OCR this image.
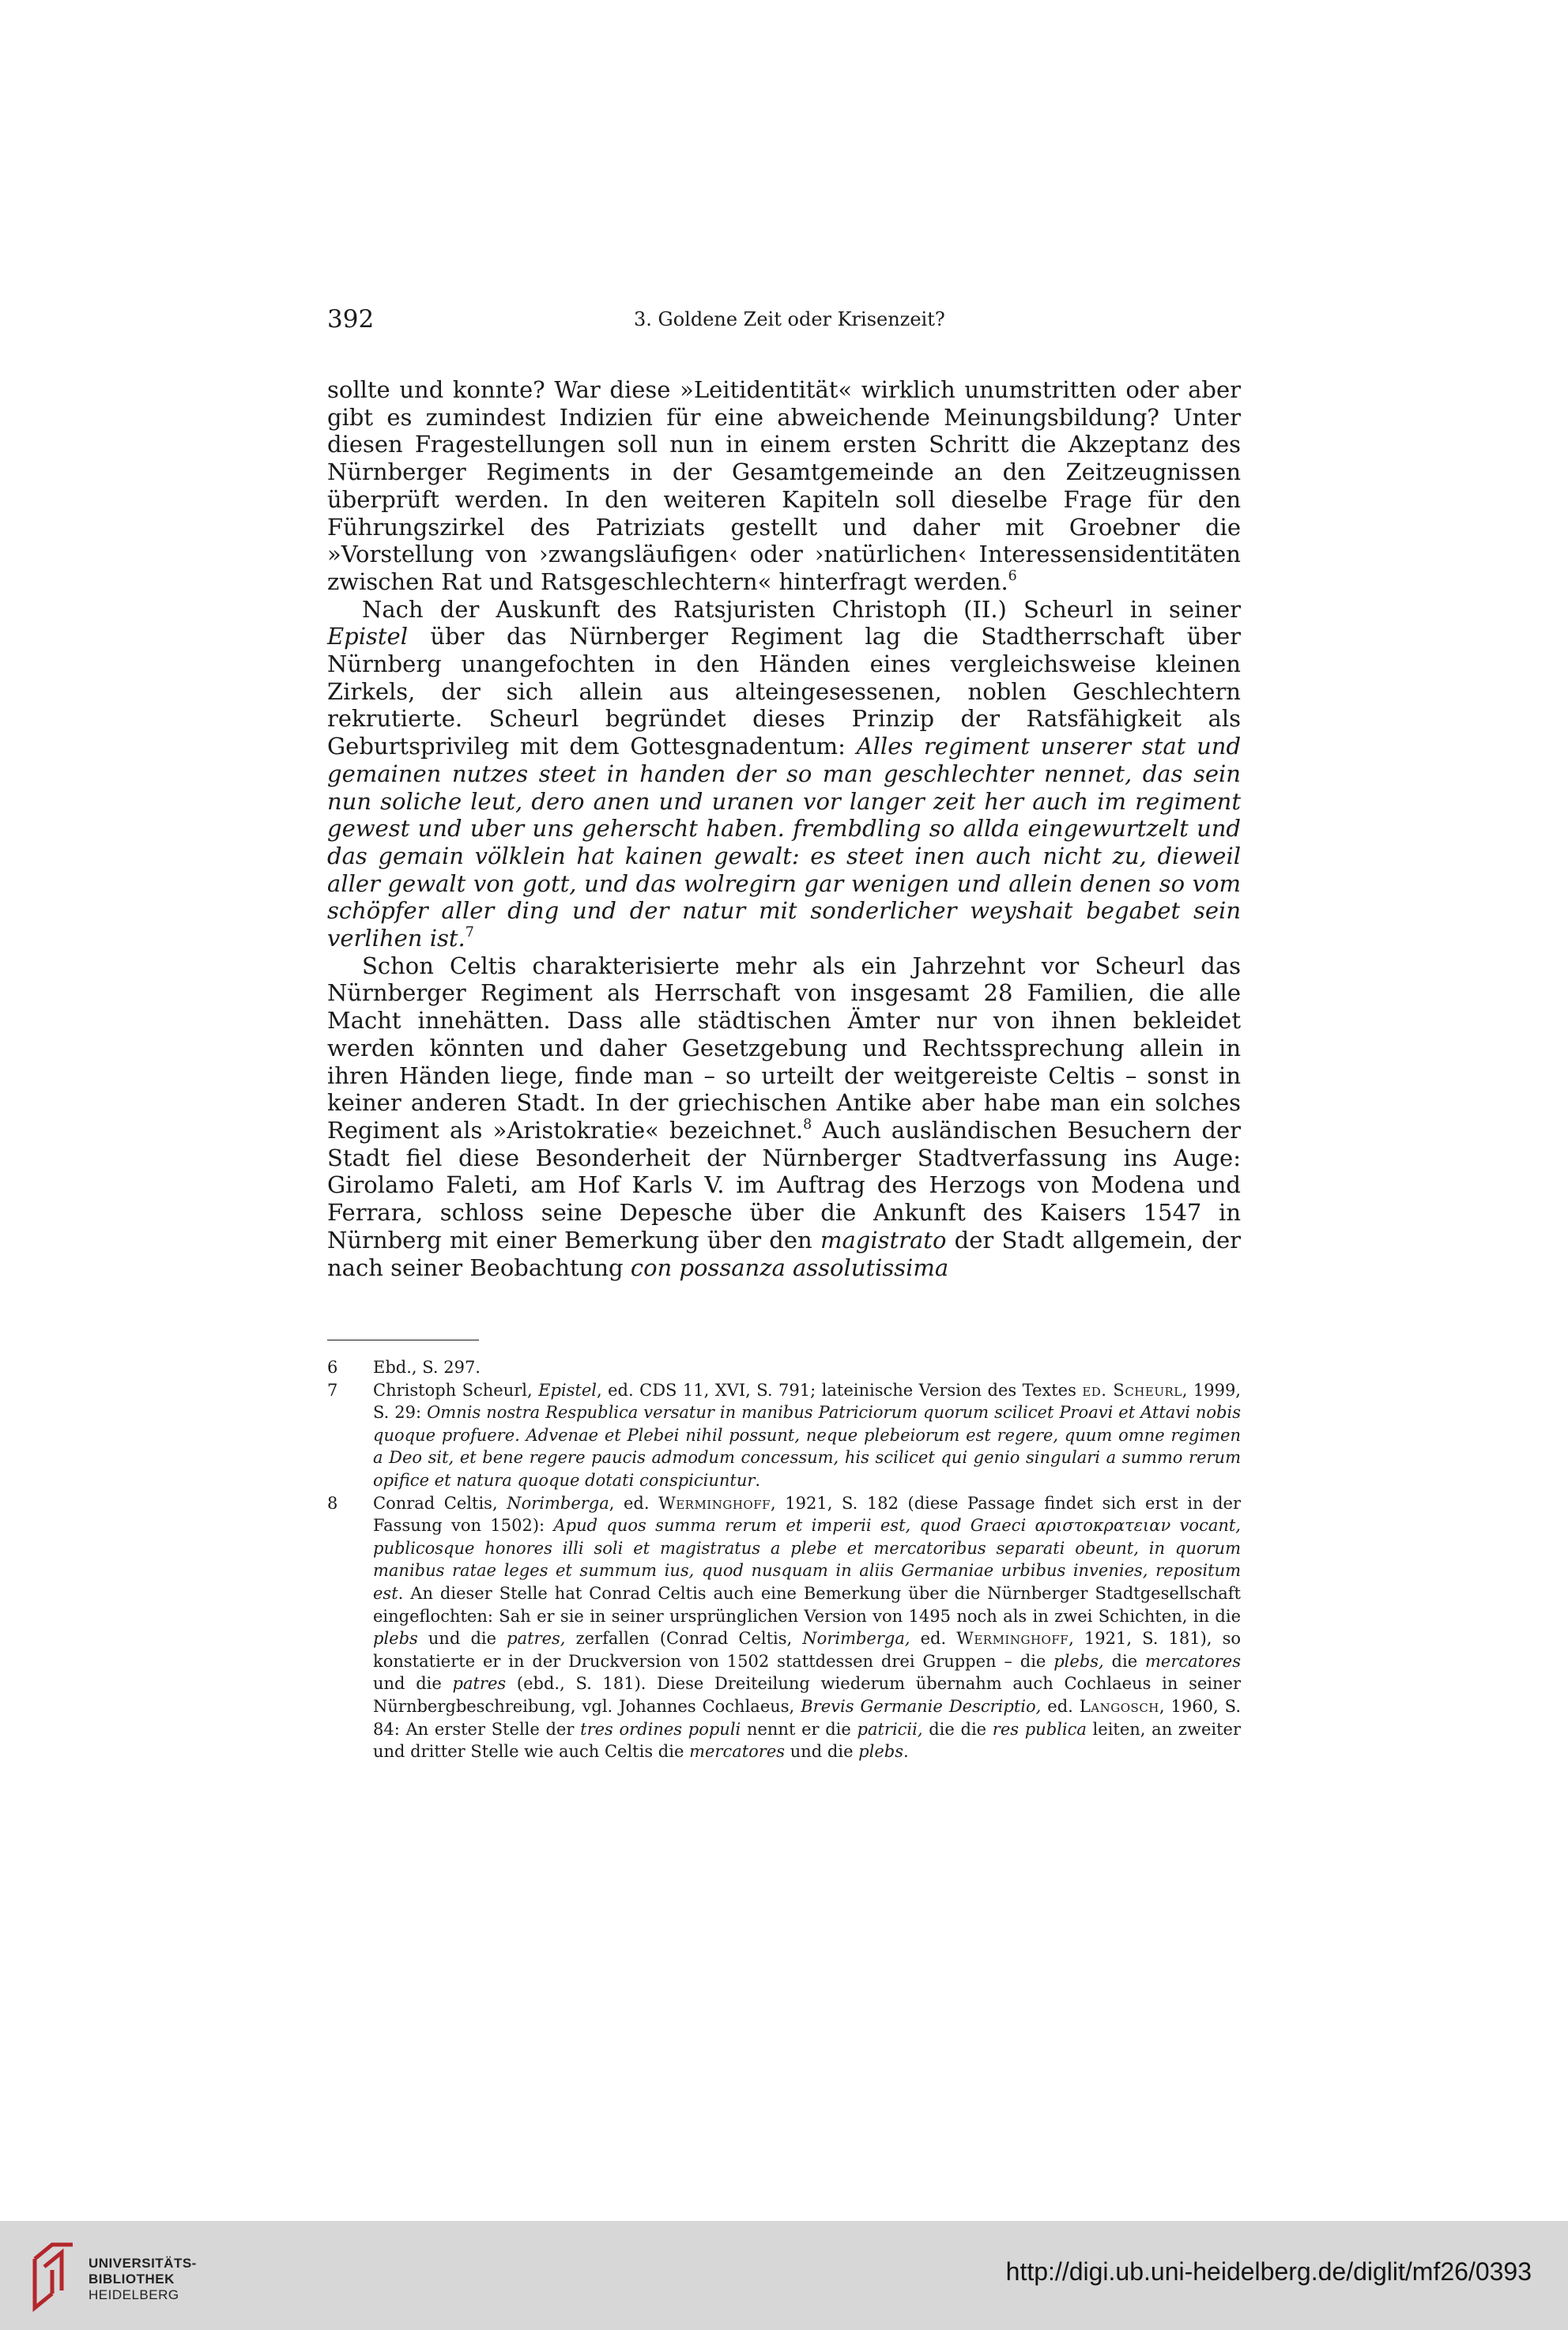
392	3. Goldene Zeit oder Krisenzeit?

sollte und konnte? War diese »Leitidentität« wirklich unumstritten oder aber gibt es zumindest Indizien für eine abweichende Meinungsbildung? Unter diesen Fragestellungen soll nun in einem ersten Schritt die Akzeptanz des Nürnberger Regiments in der Gesamtgemeinde an den Zeitzeugnissen überprüft werden. In den weiteren Kapiteln soll dieselbe Frage für den Führungszirkel des Patriziats gestellt und daher mit Groebner die »Vorstellung von ›zwangsläufigen‹ oder ›natürlichen‹ Interessensidentitäten zwischen Rat und Ratsgeschlechtern« hinterfragt werden.$^6$

Nach der Auskunft des Ratsjuristen Christoph (II.) Scheurl in seiner Epistel über das Nürnberger Regiment lag die Stadtherrschaft über Nürnberg unangefochten in den Händen eines vergleichsweise kleinen Zirkels, der sich allein aus alteingesessenen, noblen Geschlechtern rekrutierte. Scheurl begründet dieses Prinzip der Ratsfähigkeit als Geburtsprivileg mit dem Gottesgnadentum: Alles regiment unserer stat und gemainen nutzes steet in handen der so man geschlechter nennet, das sein nun soliche leut, dero anen und uranen vor langer zeit her auch im regiment gewest und uber uns geherscht haben. frembdling so allda eingewurtzelt und das gemain völklein hat kainen gewalt: es steet inen auch nicht zu, dieweil aller gewalt von gott, und das wolregirn gar wenigen und allein denen so vom schöpfer aller ding und der natur mit sonderlicher weyshait begabet sein verlihen ist.$^7$

Schon Celtis charakterisierte mehr als ein Jahrzehnt vor Scheurl das Nürnberger Regiment als Herrschaft von insgesamt 28 Familien, die alle Macht innehätten. Dass alle städtischen Ämter nur von ihnen bekleidet werden könnten und daher Gesetzgebung und Rechtssprechung allein in ihren Händen liege, finde man – so urteilt der weitgereiste Celtis – sonst in keiner anderen Stadt. In der griechischen Antike aber habe man ein solches Regiment als »Aristokratie« bezeichnet.$^8$ Auch ausländischen Besuchern der Stadt fiel diese Besonderheit der Nürnberger Stadtverfassung ins Auge: Girolamo Faleti, am Hof Karls V. im Auftrag des Herzogs von Modena und Ferrara, schloss seine Depesche über die Ankunft des Kaisers 1547 in Nürnberg mit einer Bemerkung über den magistrato der Stadt allgemein, der nach seiner Beobachtung con possanza assolutissima

6	Ebd., S. 297.
7	Christoph Scheurl, Epistel, ed. CDS 11, XVI, S. 791; lateinische Version des Textes ed. Scheurl, 1999, S. 29: Omnis nostra Respublica versatur in manibus Patriciorum quorum scilicet Proavi et Attavi nobis quoque profuere. Advenae et Plebei nihil possunt, neque plebeiorum est regere, quum omne regimen a Deo sit, et bene regere paucis admodum concessum, his scilicet qui genio singulari a summo rerum opifice et natura quoque dotati conspiciuntur.
8	Conrad Celtis, Norimberga, ed. Werminghoff, 1921, S. 182 (diese Passage findet sich erst in der Fassung von 1502): Apud quos summa rerum et imperii est, quod Graeci αριστοκρατειαν vocant, publicosque honores illi soli et magistratus a plebe et mercatoribus separati obeunt, in quorum manibus ratae leges et summum ius, quod nusquam in aliis Germaniae urbibus invenies, repositum est. An dieser Stelle hat Conrad Celtis auch eine Bemerkung über die Nürnberger Stadtgesellschaft eingeflochten: Sah er sie in seiner ursprünglichen Version von 1495 noch als in zwei Schichten, in die plebs und die patres, zerfallen (Conrad Celtis, Norimberga, ed. Werminghoff, 1921, S. 181), so konstatierte er in der Druckversion von 1502 stattdessen drei Gruppen – die plebs, die mercatores und die patres (ebd., S. 181). Diese Dreiteilung wiederum übernahm auch Cochlaeus in seiner Nürnbergbeschreibung, vgl. Johannes Cochlaeus, Brevis Germanie Descriptio, ed. Langosch, 1960, S. 84: An erster Stelle der tres ordines populi nennt er die patricii, die die res publica leiten, an zweiter und dritter Stelle wie auch Celtis die mercatores und die plebs.
UNIVERSITÄTS-
BIBLIOTHEK
HEIDELBERG
http://digi.ub.uni-heidelberg.de/diglit/mf26/0393
